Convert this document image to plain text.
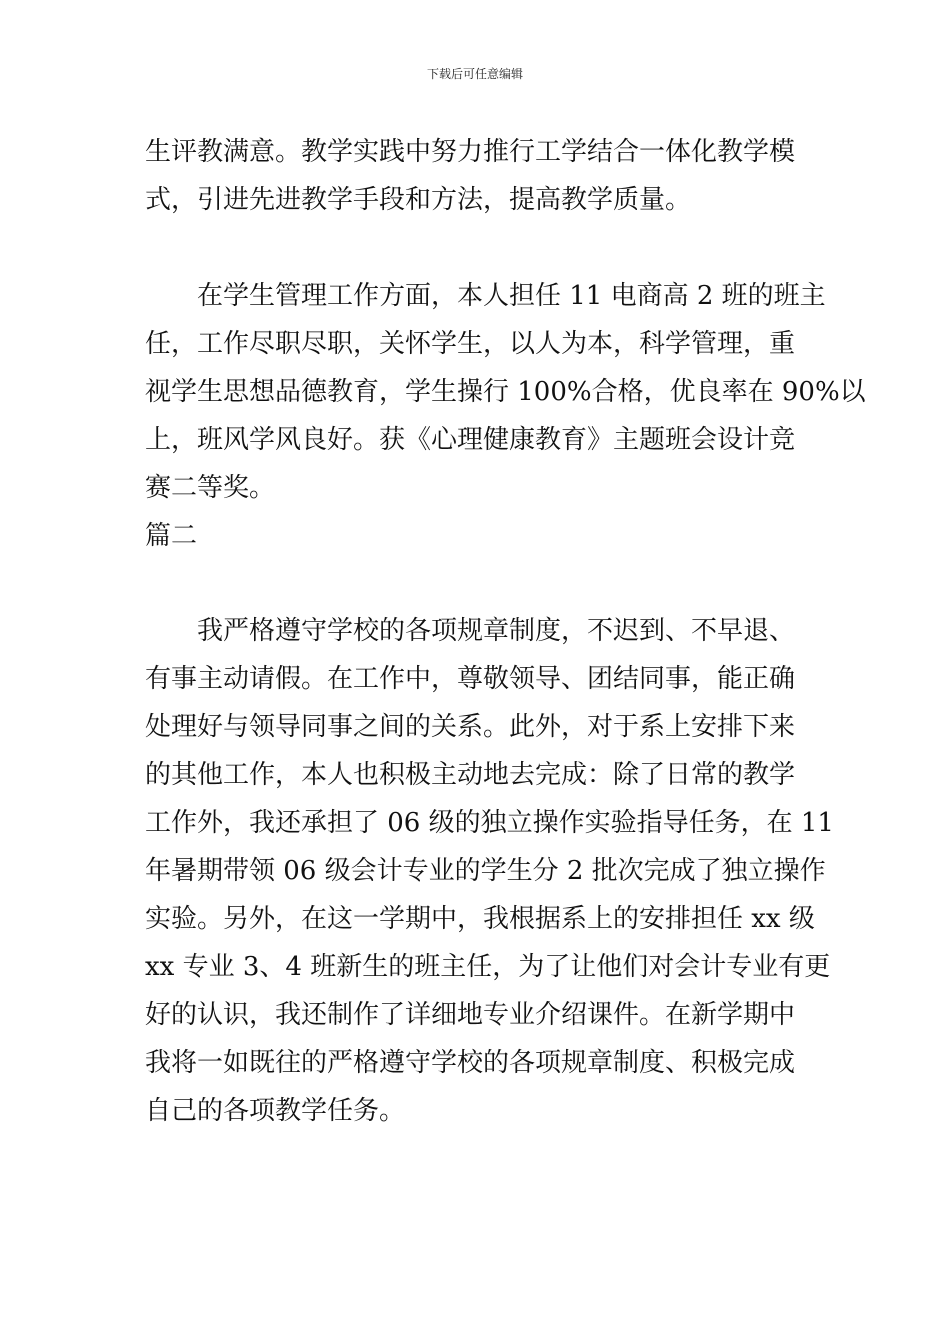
下载后可任意编辑
生评教满意。教学实践中努力推行工学结合一体化教学模
式，引进先进教学手段和方法，提高教学质量。
在学生管理工作方面，本人担任 11 电商高 2 班的班主
任，工作尽职尽职，关怀学生，以人为本，科学管理，重
视学生思想品德教育，学生操行 100%合格，优良率在 90%以
上，班风学风良好。获《心理健康教育》主题班会设计竞
赛二等奖。
篇二
我严格遵守学校的各项规章制度，不迟到、不早退、
有事主动请假。在工作中，尊敬领导、团结同事，能正确
处理好与领导同事之间的关系。此外，对于系上安排下来
的其他工作，本人也积极主动地去完成：除了日常的教学
工作外，我还承担了 06 级的独立操作实验指导任务，在 11
年暑期带领 06 级会计专业的学生分 2 批次完成了独立操作
实验。另外，在这一学期中，我根据系上的安排担任 xx 级
xx 专业 3、4 班新生的班主任，为了让他们对会计专业有更
好的认识，我还制作了详细地专业介绍课件。在新学期中
我将一如既往的严格遵守学校的各项规章制度、积极完成
自己的各项教学任务。
